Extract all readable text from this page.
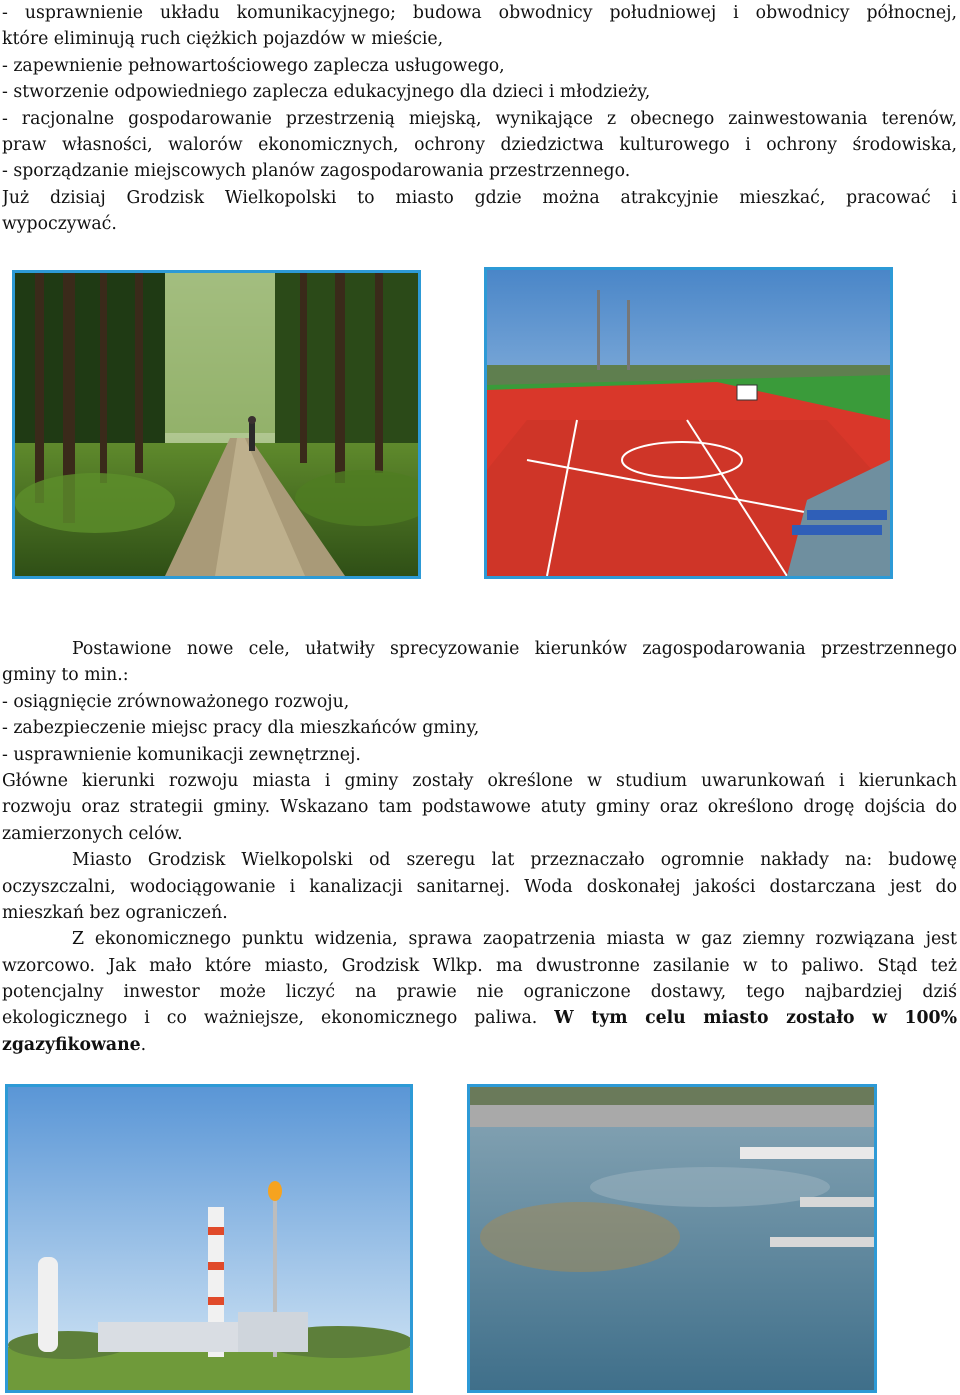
- usprawnienie układu komunikacyjnego; budowa obwodnicy południowej i obwodnicy północnej,
które eliminują ruch ciężkich pojazdów w mieście,
- zapewnienie pełnowartościowego zaplecza usługowego,
- stworzenie odpowiedniego zaplecza edukacyjnego dla dzieci i młodzieży,
- racjonalne gospodarowanie przestrzenią miejską, wynikające z obecnego zainwestowania terenów,
praw własności, walorów ekonomicznych, ochrony dziedzictwa kulturowego i ochrony środowiska,
- sporządzanie miejscowych planów zagospodarowania przestrzennego.
Już dzisiaj Grodzisk Wielkopolski to miasto gdzie można atrakcyjnie mieszkać, pracować i
wypoczywać.
Postawione nowe cele, ułatwiły sprecyzowanie kierunków zagospodarowania przestrzennego
gminy to min.:
- osiągnięcie zrównoważonego rozwoju,
- zabezpieczenie miejsc pracy dla mieszkańców gminy,
- usprawnienie komunikacji zewnętrznej.
Główne kierunki rozwoju miasta i gminy zostały określone w studium uwarunkowań i kierunkach
rozwoju oraz strategii gminy. Wskazano tam podstawowe atuty gminy oraz określono drogę dojścia do
zamierzonych celów.
Miasto Grodzisk Wielkopolski od szeregu lat przeznaczało ogromnie nakłady na: budowę
oczyszczalni, wodociągowanie i kanalizacji sanitarnej. Woda doskonałej jakości dostarczana jest do
mieszkań bez ograniczeń.
Z ekonomicznego punktu widzenia, sprawa zaopatrzenia miasta w gaz ziemny rozwiązana jest
wzorcowo. Jak mało które miasto, Grodzisk Wlkp. ma dwustronne zasilanie w to paliwo. Stąd też
potencjalny inwestor może liczyć na prawie nie ograniczone dostawy, tego najbardziej dziś
ekologicznego i co ważniejsze, ekonomicznego paliwa. W tym celu miasto zostało w 100%
zgazyfikowane.
